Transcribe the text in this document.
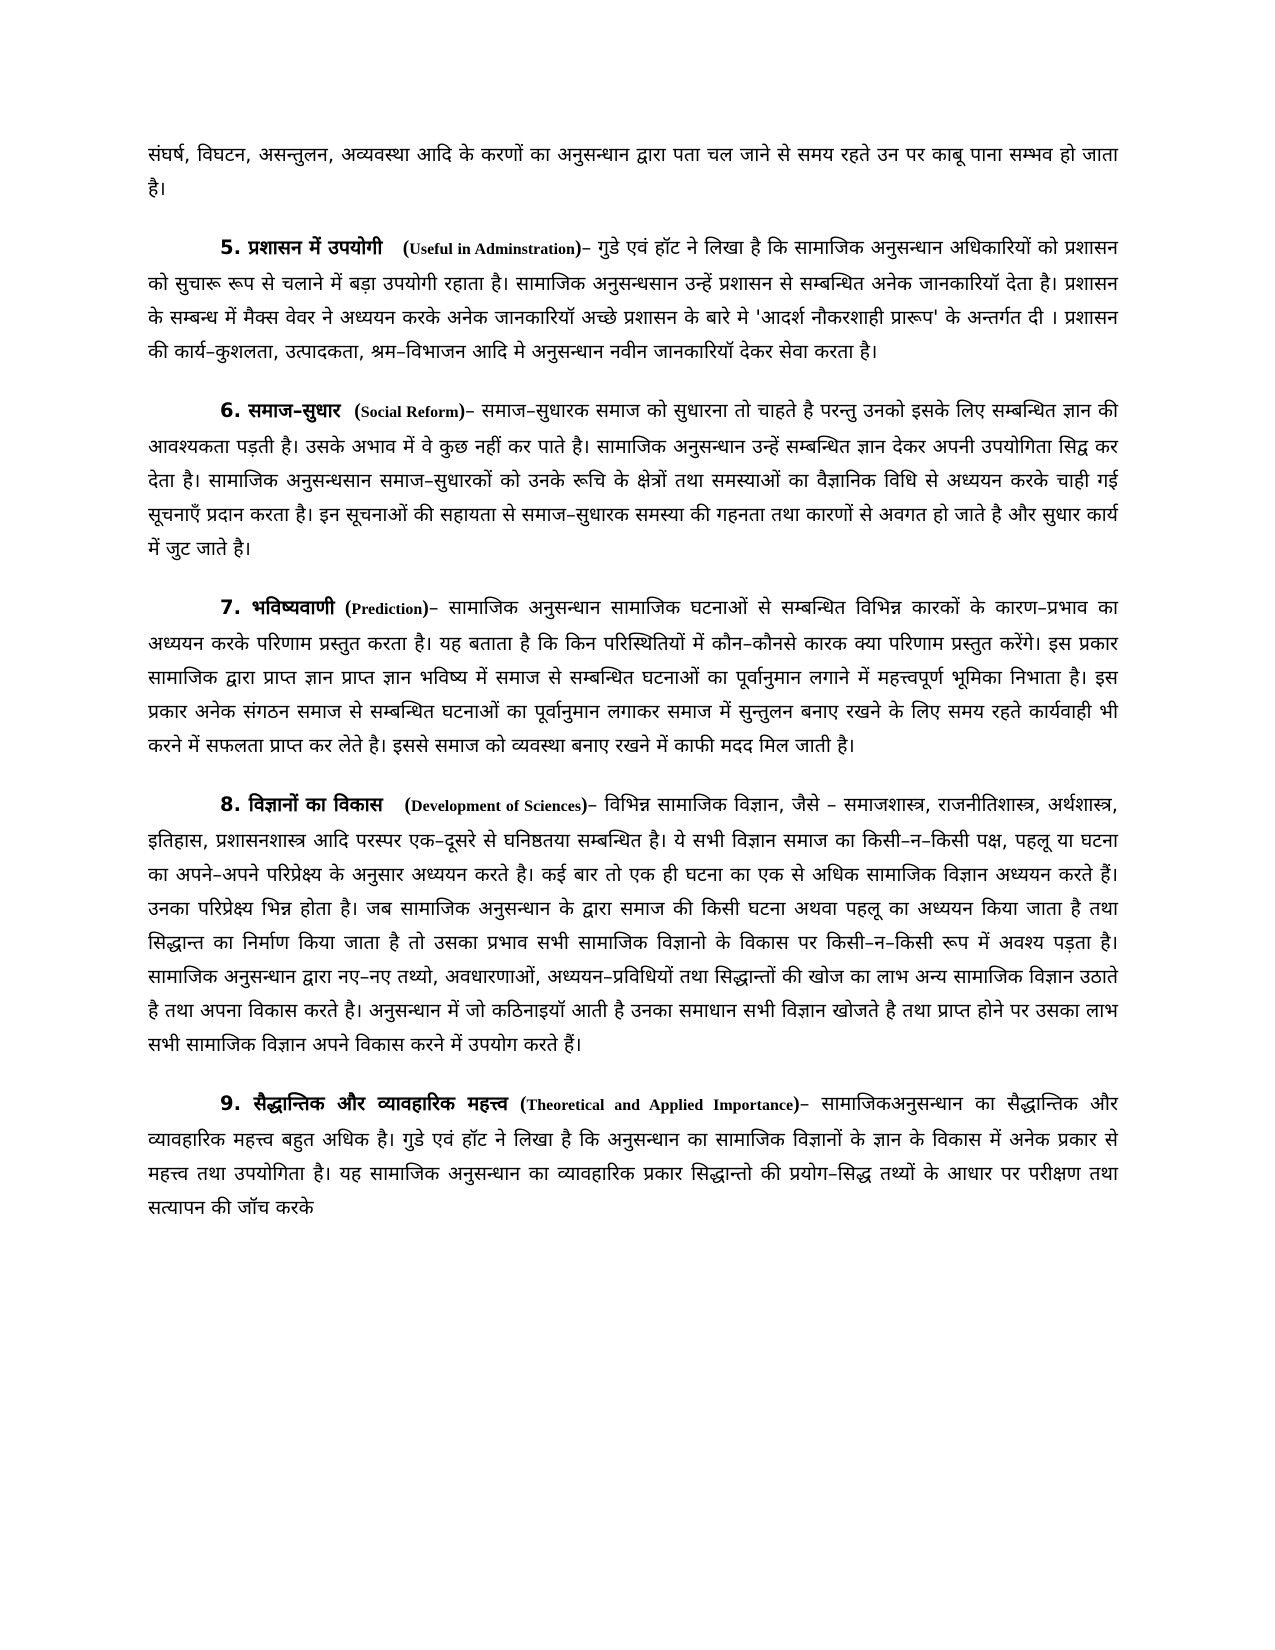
संघर्ष, विघटन, असन्तुलन, अव्यवस्था आदि के करणों का अनुसन्धान द्वारा पता चल जाने से समय रहते उन पर काबू पाना सम्भव हो जाता है।

5. प्रशासन में उपयोगी (Useful in Adminstration)– गुडे एवं हॉट ने लिखा है कि सामाजिक अनुसन्धान अधिकारियों को प्रशासन को सुचारू रूप से चलाने में बड़ा उपयोगी रहाता है। सामाजिक अनुसन्धसान उन्हें प्रशासन से सम्बन्धित अनेक जानकारियॉ देता है। प्रशासन के सम्बन्ध में मैक्स वेवर ने अध्ययन करके अनेक जानकारियॉ अच्छे प्रशासन के बारे मे 'आदर्श नौकरशाही प्रारूप' के अन्तर्गत दी । प्रशासन की कार्य–कुशलता, उत्पादकता, श्रम–विभाजन आदि मे अनुसन्धान नवीन जानकारियॉ देकर सेवा करता है।

6. समाज–सुधार (Social Reform)– समाज–सुधारक समाज को सुधारना तो चाहते है परन्तु उनको इसके लिए सम्बन्धित ज्ञान की आवश्यकता पड़ती है। उसके अभाव में वे कुछ नहीं कर पाते है। सामाजिक अनुसन्धान उन्हें सम्बन्धित ज्ञान देकर अपनी उपयोगिता सिद्व कर देता है। सामाजिक अनुसन्धसान समाज–सुधारकों को उनके रूचि के क्षेत्रों तथा समस्याओं का वैज्ञानिक विधि से अध्ययन करके चाही गई सूचनाएँ प्रदान करता है। इन सूचनाओं की सहायता से समाज–सुधारक समस्या की गहनता तथा कारणों से अवगत हो जाते है और सुधार कार्य में जुट जाते है।

7. भविष्यवाणी (Prediction)– सामाजिक अनुसन्धान सामाजिक घटनाओं से सम्बन्धित विभिन्न कारकों के कारण–प्रभाव का अध्ययन करके परिणाम प्रस्तुत करता है। यह बताता है कि किन परिस्थितियों में कौन–कौनसे कारक क्या परिणाम प्रस्तुत करेंगे। इस प्रकार सामाजिक द्वारा प्राप्त ज्ञान प्राप्त ज्ञान भविष्य में समाज से सम्बन्धित घटनाओं का पूर्वानुमान लगाने में महत्त्वपूर्ण भूमिका निभाता है। इस प्रकार अनेक संगठन समाज से सम्बन्धित घटनाओं का पूर्वानुमान लगाकर समाज में सुन्तुलन बनाए रखने के लिए समय रहते कार्यवाही भी करने में सफलता प्राप्त कर लेते है। इससे समाज को व्यवस्था बनाए रखने में काफी मदद मिल जाती है।

8. विज्ञानों का विकास (Development of Sciences)– विभिन्न सामाजिक विज्ञान, जैसे – समाजशास्त्र, राजनीतिशास्त्र, अर्थशास्त्र, इतिहास, प्रशासनशास्त्र आदि परस्पर एक–दूसरे से घनिष्ठतया सम्बन्धित है। ये सभी विज्ञान समाज का किसी–न–किसी पक्ष, पहलू या घटना का अपने–अपने परिप्रेक्ष्य के अनुसार अध्ययन करते है। कई बार तो एक ही घटना का एक से अधिक सामाजिक विज्ञान अध्ययन करते हैं। उनका परिप्रेक्ष्य भिन्न होता है। जब सामाजिक अनुसन्धान के द्वारा समाज की किसी घटना अथवा पहलू का अध्ययन किया जाता है तथा सिद्धान्त का निर्माण किया जाता है तो उसका प्रभाव सभी सामाजिक विज्ञानो के विकास पर किसी–न–किसी रूप में अवश्य पड़ता है। सामाजिक अनुसन्धान द्वारा नए–नए तथ्यो, अवधारणाओं, अध्ययन–प्रविधियों तथा सिद्धान्तों की खोज का लाभ अन्य सामाजिक विज्ञान उठाते है तथा अपना विकास करते है। अनुसन्धान में जो कठिनाइयॉ आती है उनका समाधान सभी विज्ञान खोजते है तथा प्राप्त होने पर उसका लाभ सभी सामाजिक विज्ञान अपने विकास करने में उपयोग करते हैं।

9. सैद्धान्तिक और व्यावहारिक महत्त्व (Theoretical and Applied Importance)– सामाजिकअनुसन्धान का सैद्धान्तिक और व्यावहारिक महत्त्व बहुत अधिक है। गुडे एवं हॉट ने लिखा है कि अनुसन्धान का सामाजिक विज्ञानों के ज्ञान के विकास में अनेक प्रकार से महत्त्व तथा उपयोगिता है। यह सामाजिक अनुसन्धान का व्यावहारिक प्रकार सिद्धान्तो की प्रयोग–सिद्ध तथ्यों के आधार पर परीक्षण तथा सत्यापन की जॉच करके
